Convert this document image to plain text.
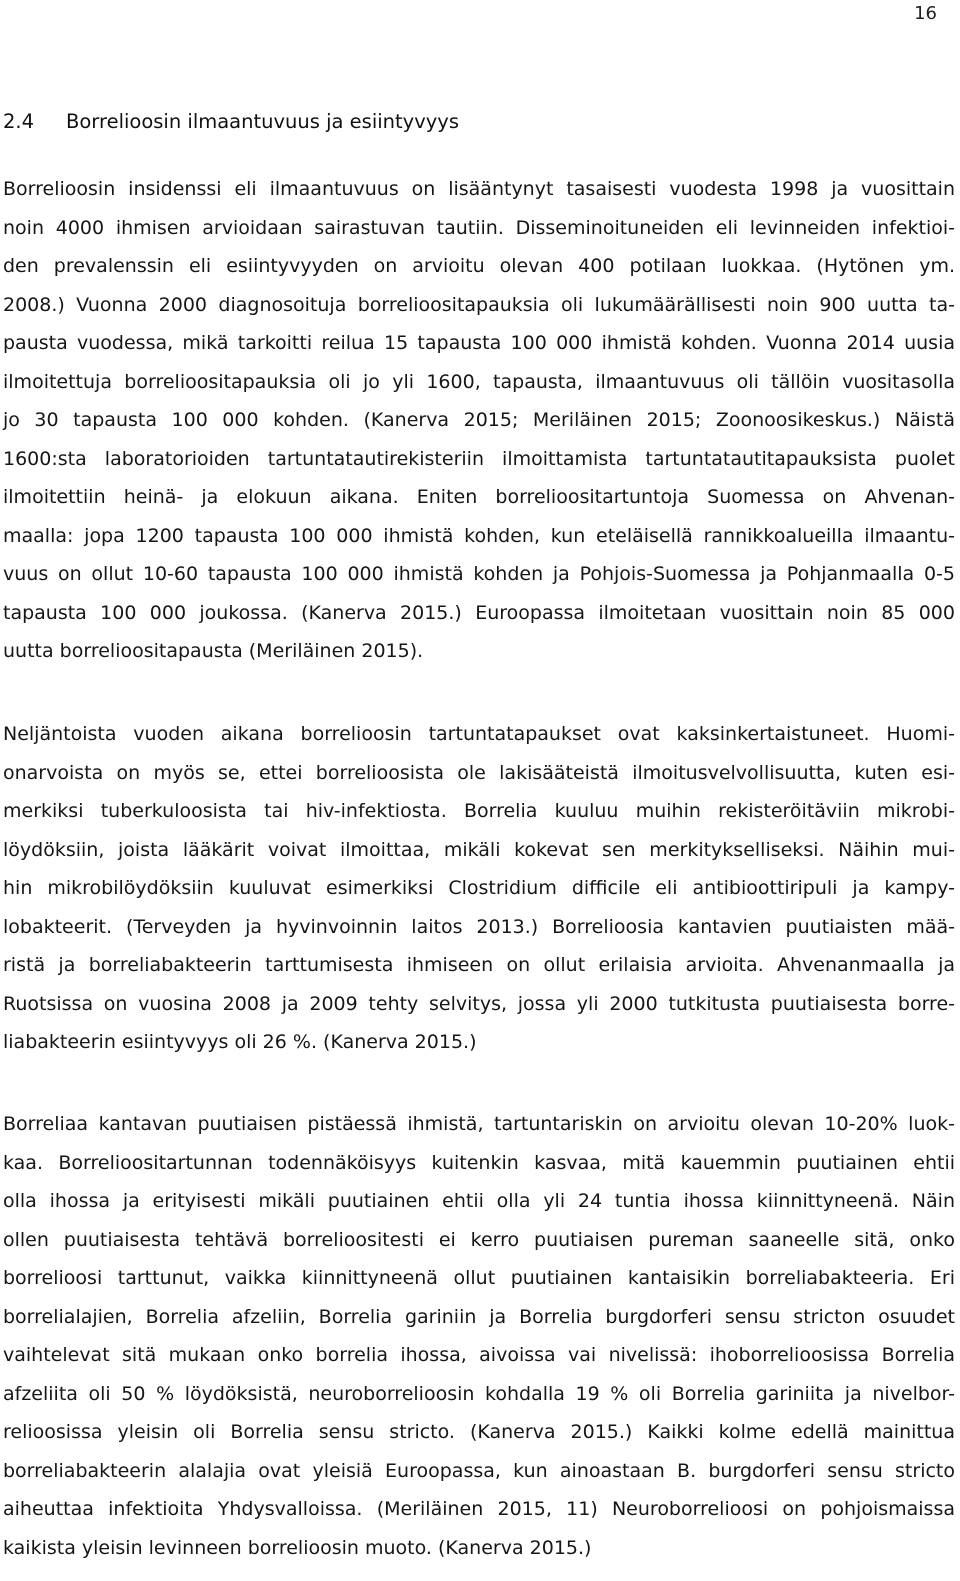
16
2.4 Borrelioosin ilmaantuvuus ja esiintyvyys
Borrelioosin insidenssi eli ilmaantuvuus on lisääntynyt tasaisesti vuodesta 1998 ja vuosittain
noin 4000 ihmisen arvioidaan sairastuvan tautiin. Disseminoituneiden eli levinneiden infektioi-
den prevalenssin eli esiintyvyyden on arvioitu olevan 400 potilaan luokkaa. (Hytönen ym.
2008.) Vuonna 2000 diagnosoituja borrelioositapauksia oli lukumäärällisesti noin 900 uutta ta-
pausta vuodessa, mikä tarkoitti reilua 15 tapausta 100 000 ihmistä kohden. Vuonna 2014 uusia
ilmoitettuja borrelioositapauksia oli jo yli 1600, tapausta, ilmaantuvuus oli tällöin vuositasolla
jo 30 tapausta 100 000 kohden. (Kanerva 2015; Meriläinen 2015; Zoonoosikeskus.) Näistä
1600:sta laboratorioiden tartuntatautirekisteriin ilmoittamista tartuntatautitapauksista puolet
ilmoitettiin heinä- ja elokuun aikana. Eniten borrelioositartuntoja Suomessa on Ahvenan-
maalla: jopa 1200 tapausta 100 000 ihmistä kohden, kun eteläisellä rannikkoalueilla ilmaantu-
vuus on ollut 10-60 tapausta 100 000 ihmistä kohden ja Pohjois-Suomessa ja Pohjanmaalla 0-5
tapausta 100 000 joukossa. (Kanerva 2015.) Euroopassa ilmoitetaan vuosittain noin 85 000
uutta borrelioositapausta (Meriläinen 2015).
Neljäntoista vuoden aikana borrelioosin tartuntatapaukset ovat kaksinkertaistuneet. Huomi-
onarvoista on myös se, ettei borrelioosista ole lakisääteistä ilmoitusvelvollisuutta, kuten esi-
merkiksi tuberkuloosista tai hiv-infektiosta. Borrelia kuuluu muihin rekisteröitäviin mikrobi-
löydöksiin, joista lääkärit voivat ilmoittaa, mikäli kokevat sen merkitykselliseksi. Näihin mui-
hin mikrobilöydöksiin kuuluvat esimerkiksi Clostridium difficile eli antibioottiripuli ja kampy-
lobakteerit. (Terveyden ja hyvinvoinnin laitos 2013.) Borrelioosia kantavien puutiaisten mää-
ristä ja borreliabakteerin tarttumisesta ihmiseen on ollut erilaisia arvioita. Ahvenanmaalla ja
Ruotsissa on vuosina 2008 ja 2009 tehty selvitys, jossa yli 2000 tutkitusta puutiaisesta borre-
liabakteerin esiintyvyys oli 26 %. (Kanerva 2015.)
Borreliaa kantavan puutiaisen pistäessä ihmistä, tartuntariskin on arvioitu olevan 10-20% luok-
kaa. Borrelioositartunnan todennäköisyys kuitenkin kasvaa, mitä kauemmin puutiainen ehtii
olla ihossa ja erityisesti mikäli puutiainen ehtii olla yli 24 tuntia ihossa kiinnittyneenä. Näin
ollen puutiaisesta tehtävä borrelioositesti ei kerro puutiaisen pureman saaneelle sitä, onko
borrelioosi tarttunut, vaikka kiinnittyneenä ollut puutiainen kantaisikin borreliabakteeria. Eri
borrelialajien, Borrelia afzeliin, Borrelia gariniin ja Borrelia burgdorferi sensu stricton osuudet
vaihtelevat sitä mukaan onko borrelia ihossa, aivoissa vai nivelissä: ihoborrelioosissa Borrelia
afzeliita oli 50 % löydöksistä, neuroborrelioosin kohdalla 19 % oli Borrelia gariniita ja nivelbor-
relioosissa yleisin oli Borrelia sensu stricto. (Kanerva 2015.) Kaikki kolme edellä mainittua
borreliabakteerin alalajia ovat yleisiä Euroopassa, kun ainoastaan B. burgdorferi sensu stricto
aiheuttaa infektioita Yhdysvalloissa. (Meriläinen 2015, 11) Neuroborrelioosi on pohjoismaissa
kaikista yleisin levinneen borrelioosin muoto. (Kanerva 2015.)
